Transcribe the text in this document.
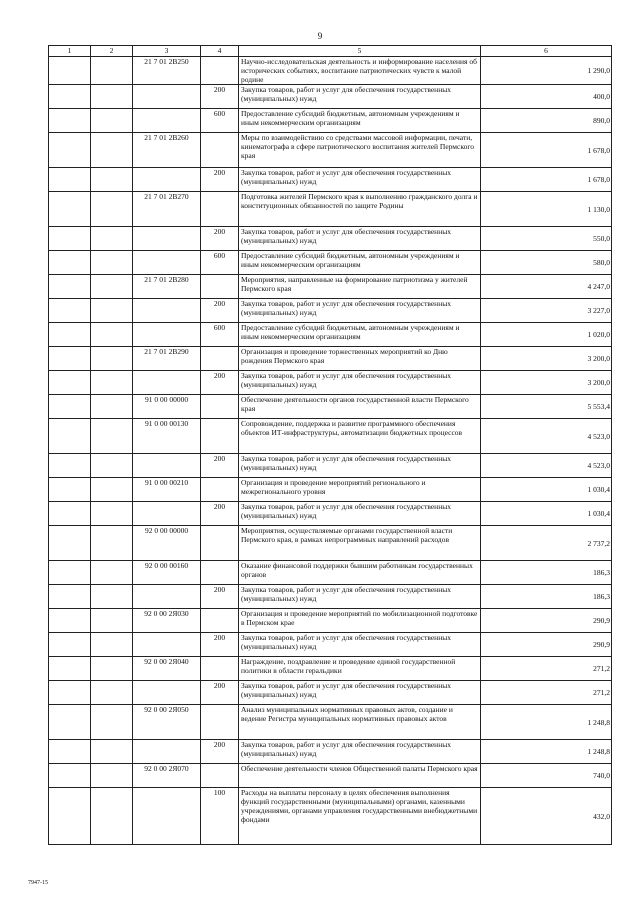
9
1	2	3	4	5	6
		21 7 01 2В250		Научно-исследовательская деятельность и информирование населения об исторических событиях, воспитание патриотических чувств к малой родине	1 290,0
			200	Закупка товаров, работ и услуг для обеспечения государственных (муниципальных) нужд	400,0
			600	Предоставление субсидий бюджетным, автономным учреждениям и иным некоммерческим организациям	890,0
		21 7 01 2В260		Меры по взаимодействию со средствами массовой информации, печати, кинематографа в сфере патриотического воспитания жителей Пермского края	1 678,0
			200	Закупка товаров, работ и услуг для обеспечения государственных (муниципальных) нужд	1 678,0
		21 7 01 2В270		Подготовка жителей Пермского края к выполнению гражданского долга и конституционных обязанностей по защите Родины	1 130,0
			200	Закупка товаров, работ и услуг для обеспечения государственных (муниципальных) нужд	550,0
			600	Предоставление субсидий бюджетным, автономным учреждениям и иным некоммерческим организациям	580,0
		21 7 01 2В280		Мероприятия, направленные на формирование патриотизма у жителей Пермского края	4 247,0
			200	Закупка товаров, работ и услуг для обеспечения государственных (муниципальных) нужд	3 227,0
			600	Предоставление субсидий бюджетным, автономным учреждениям и иным некоммерческим организациям	1 020,0
		21 7 01 2В290		Организация и проведение торжественных мероприятий ко Дню рождения Пермского края	3 200,0
			200	Закупка товаров, работ и услуг для обеспечения государственных (муниципальных) нужд	3 200,0
		91 0 00 00000		Обеспечение деятельности органов государственной власти Пермского края	5 553,4
		91 0 00 00130		Сопровождение, поддержка и развитие программного обеспечения объектов ИТ-инфраструктуры, автоматизации бюджетных процессов	4 523,0
			200	Закупка товаров, работ и услуг для обеспечения государственных (муниципальных) нужд	4 523,0
		91 0 00 00210		Организация и проведение мероприятий регионального и межрегионального уровня	1 030,4
			200	Закупка товаров, работ и услуг для обеспечения государственных (муниципальных) нужд	1 030,4
		92 0 00 00000		Мероприятия, осуществляемые органами государственной власти Пермского края, в рамках непрограммных направлений расходов	2 737,2
		92 0 00 00160		Оказание финансовой поддержки бывшим работникам государственных органов	186,3
			200	Закупка товаров, работ и услуг для обеспечения государственных (муниципальных) нужд	186,3
		92 0 00 2Я030		Организация и проведение мероприятий по мобилизационной подготовке в Пермском крае	290,9
			200	Закупка товаров, работ и услуг для обеспечения государственных (муниципальных) нужд	290,9
		92 0 00 2Я040		Награждение, поздравление и проведение единой государственной политики в области геральдики	271,2
			200	Закупка товаров, работ и услуг для обеспечения государственных (муниципальных) нужд	271,2
		92 0 00 2Я050		Анализ муниципальных нормативных правовых актов, создание и ведение Регистра муниципальных нормативных правовых актов	1 248,8
			200	Закупка товаров, работ и услуг для обеспечения государственных (муниципальных) нужд	1 248,8
		92 0 00 2Я070		Обеспечение деятельности членов Общественной палаты Пермского края	740,0
			100	Расходы на выплаты персоналу в целях обеспечения выполнения функций государственными (муниципальными) органами, казенными учреждениями, органами управления государственными внебюджетными фондами	432,0
7947-15
